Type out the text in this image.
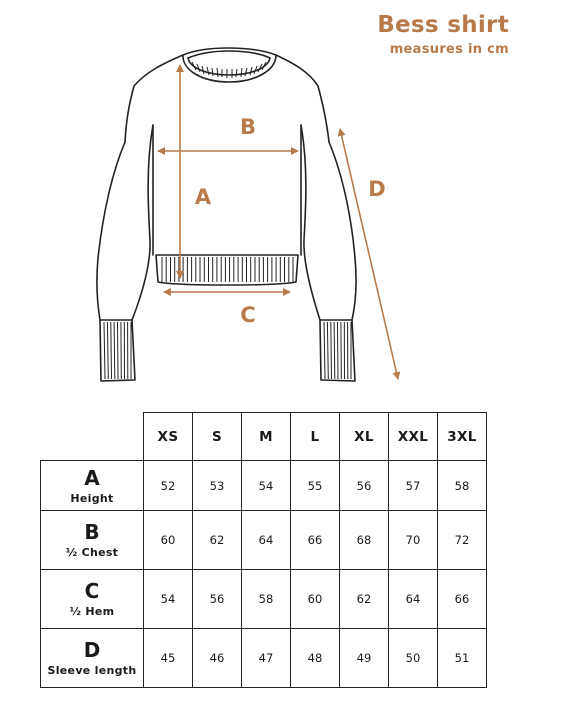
Bess shirt
measures in cm
B
A
C
D
	XS	S	M	L	XL	XXL	3XL

A
Height	52	53	54	55	56	57	58

B
½ Chest	60	62	64	66	68	70	72

C
½ Hem	54	56	58	60	62	64	66

D
Sleeve length	45	46	47	48	49	50	51
